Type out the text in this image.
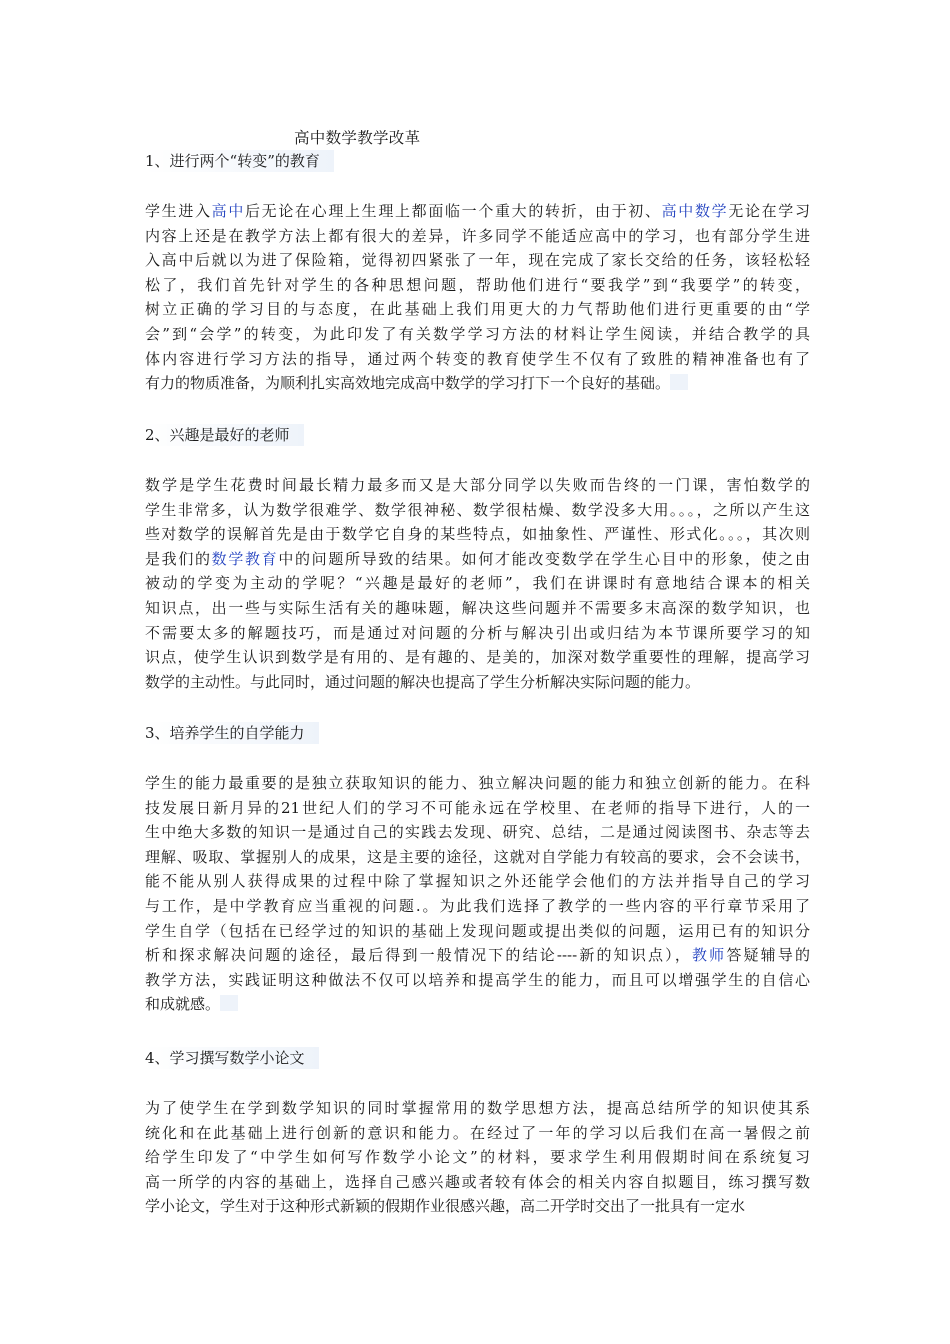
高中数学教学改革
1、进行两个“转变”的教育
学生进入高中后无论在心理上生理上都面临一个重大的转折，由于初、高中数学无论在学习
内容上还是在教学方法上都有很大的差异，许多同学不能适应高中的学习，也有部分学生进
入高中后就以为进了保险箱，觉得初四紧张了一年，现在完成了家长交给的任务，该轻松轻
松了，我们首先针对学生的各种思想问题，帮助他们进行“要我学”到“我要学”的转变，
树立正确的学习目的与态度，在此基础上我们用更大的力气帮助他们进行更重要的由“学
会”到“会学”的转变，为此印发了有关数学学习方法的材料让学生阅读，并结合教学的具
体内容进行学习方法的指导，通过两个转变的教育使学生不仅有了致胜的精神准备也有了
有力的物质准备，为顺利扎实高效地完成高中数学的学习打下一个良好的基础。
2、兴趣是最好的老师
数学是学生花费时间最长精力最多而又是大部分同学以失败而告终的一门课，害怕数学的
学生非常多，认为数学很难学、数学很神秘、数学很枯燥、数学没多大用。。。，之所以产生这
些对数学的误解首先是由于数学它自身的某些特点，如抽象性、严谨性、形式化。。。，其次则
是我们的数学教育中的问题所导致的结果。如何才能改变数学在学生心目中的形象，使之由
被动的学变为主动的学呢？“兴趣是最好的老师”，我们在讲课时有意地结合课本的相关
知识点，出一些与实际生活有关的趣味题，解决这些问题并不需要多末高深的数学知识，也
不需要太多的解题技巧，而是通过对问题的分析与解决引出或归结为本节课所要学习的知
识点，使学生认识到数学是有用的、是有趣的、是美的，加深对数学重要性的理解，提高学习
数学的主动性。与此同时，通过问题的解决也提高了学生分析解决实际问题的能力。
3、培养学生的自学能力
学生的能力最重要的是独立获取知识的能力、独立解决问题的能力和独立创新的能力。在科
技发展日新月异的21世纪人们的学习不可能永远在学校里、在老师的指导下进行，人的一
生中绝大多数的知识一是通过自己的实践去发现、研究、总结，二是通过阅读图书、杂志等去
理解、吸取、掌握别人的成果，这是主要的途径，这就对自学能力有较高的要求，会不会读书，
能不能从别人获得成果的过程中除了掌握知识之外还能学会他们的方法并指导自己的学习
与工作，是中学教育应当重视的问题.。为此我们选择了教学的一些内容的平行章节采用了
学生自学（包括在已经学过的知识的基础上发现问题或提出类似的问题，运用已有的知识分
析和探求解决问题的途径，最后得到一般情况下的结论----新的知识点），教师答疑辅导的
教学方法，实践证明这种做法不仅可以培养和提高学生的能力，而且可以增强学生的自信心
和成就感。
4、学习撰写数学小论文
为了使学生在学到数学知识的同时掌握常用的数学思想方法，提高总结所学的知识使其系
统化和在此基础上进行创新的意识和能力。在经过了一年的学习以后我们在高一暑假之前
给学生印发了“中学生如何写作数学小论文”的材料，要求学生利用假期时间在系统复习
高一所学的内容的基础上，选择自己感兴趣或者较有体会的相关内容自拟题目，练习撰写数
学小论文，学生对于这种形式新颖的假期作业很感兴趣，高二开学时交出了一批具有一定水
